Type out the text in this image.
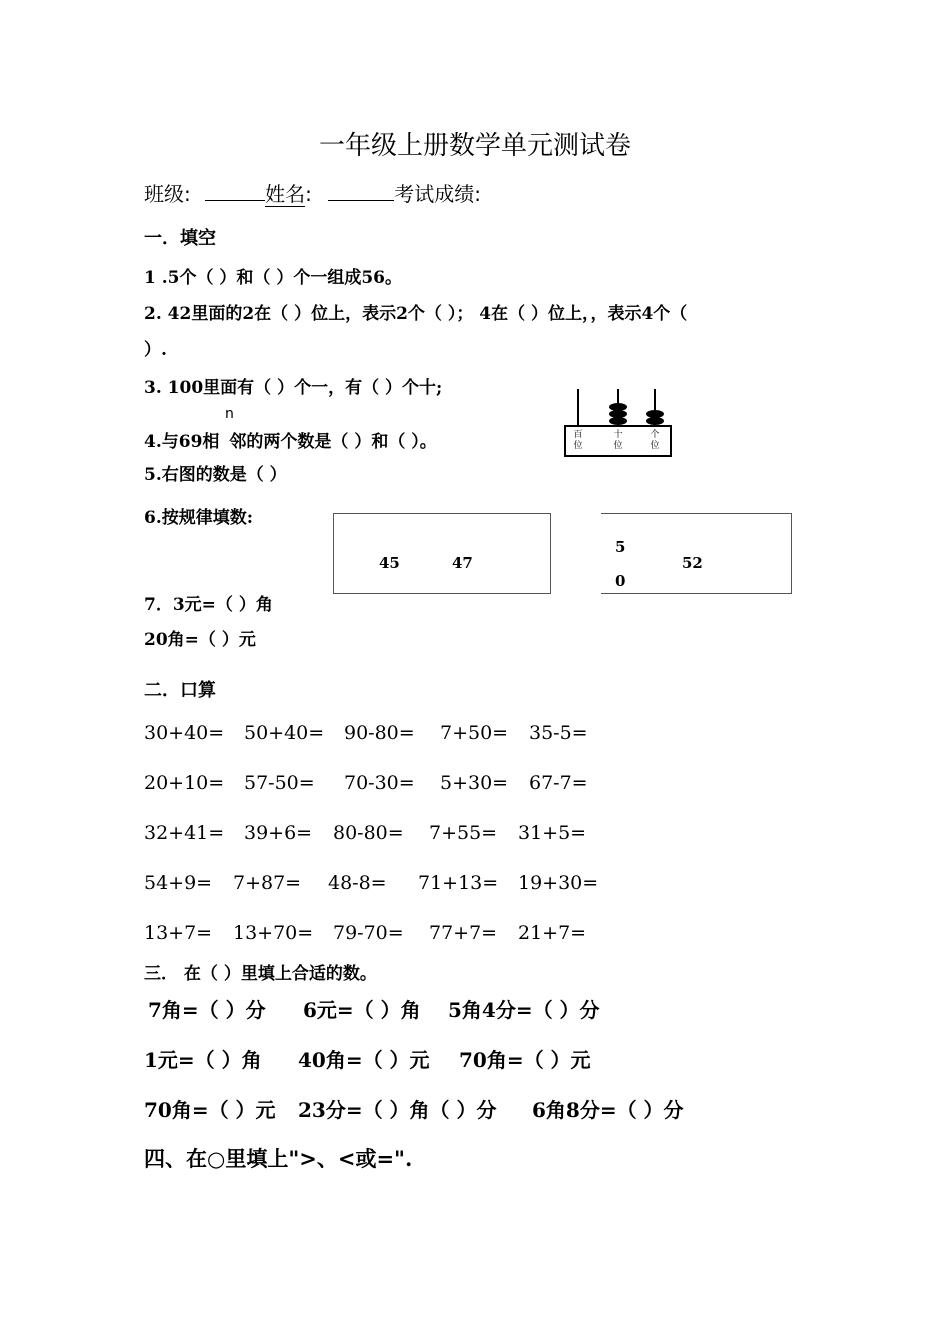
一年级上册数学单元测试卷
班级:	姓名:	考试成绩:
一．填空
1 .5个（ ）和（ ）个一组成56。
2. 42里面的2在（ ）位上，表示2个（ ）； 4在（ ）位上，，表示4个（
）.
3. 100里面有（ ）个一，有（ ）个十;
n
4.与69相 邻的两个数是（ ）和（ ）。
5.右图的数是（ ）
6.按规律填数:
7．3元=（ ）角
20角=（ ）元
百
位
十
位
个
位
45	47
5
0
52
二．口算
30+40= 50+40= 90-80= 7+50= 35-5=
20+10= 57-50= 70-30= 5+30= 67-7=
32+41= 39+6= 80-80= 7+55= 31+5=
54+9= 7+87= 48-8= 71+13= 19+30=
13+7= 13+70= 79-70= 77+7= 21+7=
三． 在（ ）里填上合适的数。
7角=（ ）分 6元=（ ）角 5角4分=（ ）分
1元=（ ）角 40角=（ ）元 70角=（ ）元
70角=（ ）元 23分=（ ）角（ ）分 6角8分=（ ）分
四、在○里填上">、<或=".
